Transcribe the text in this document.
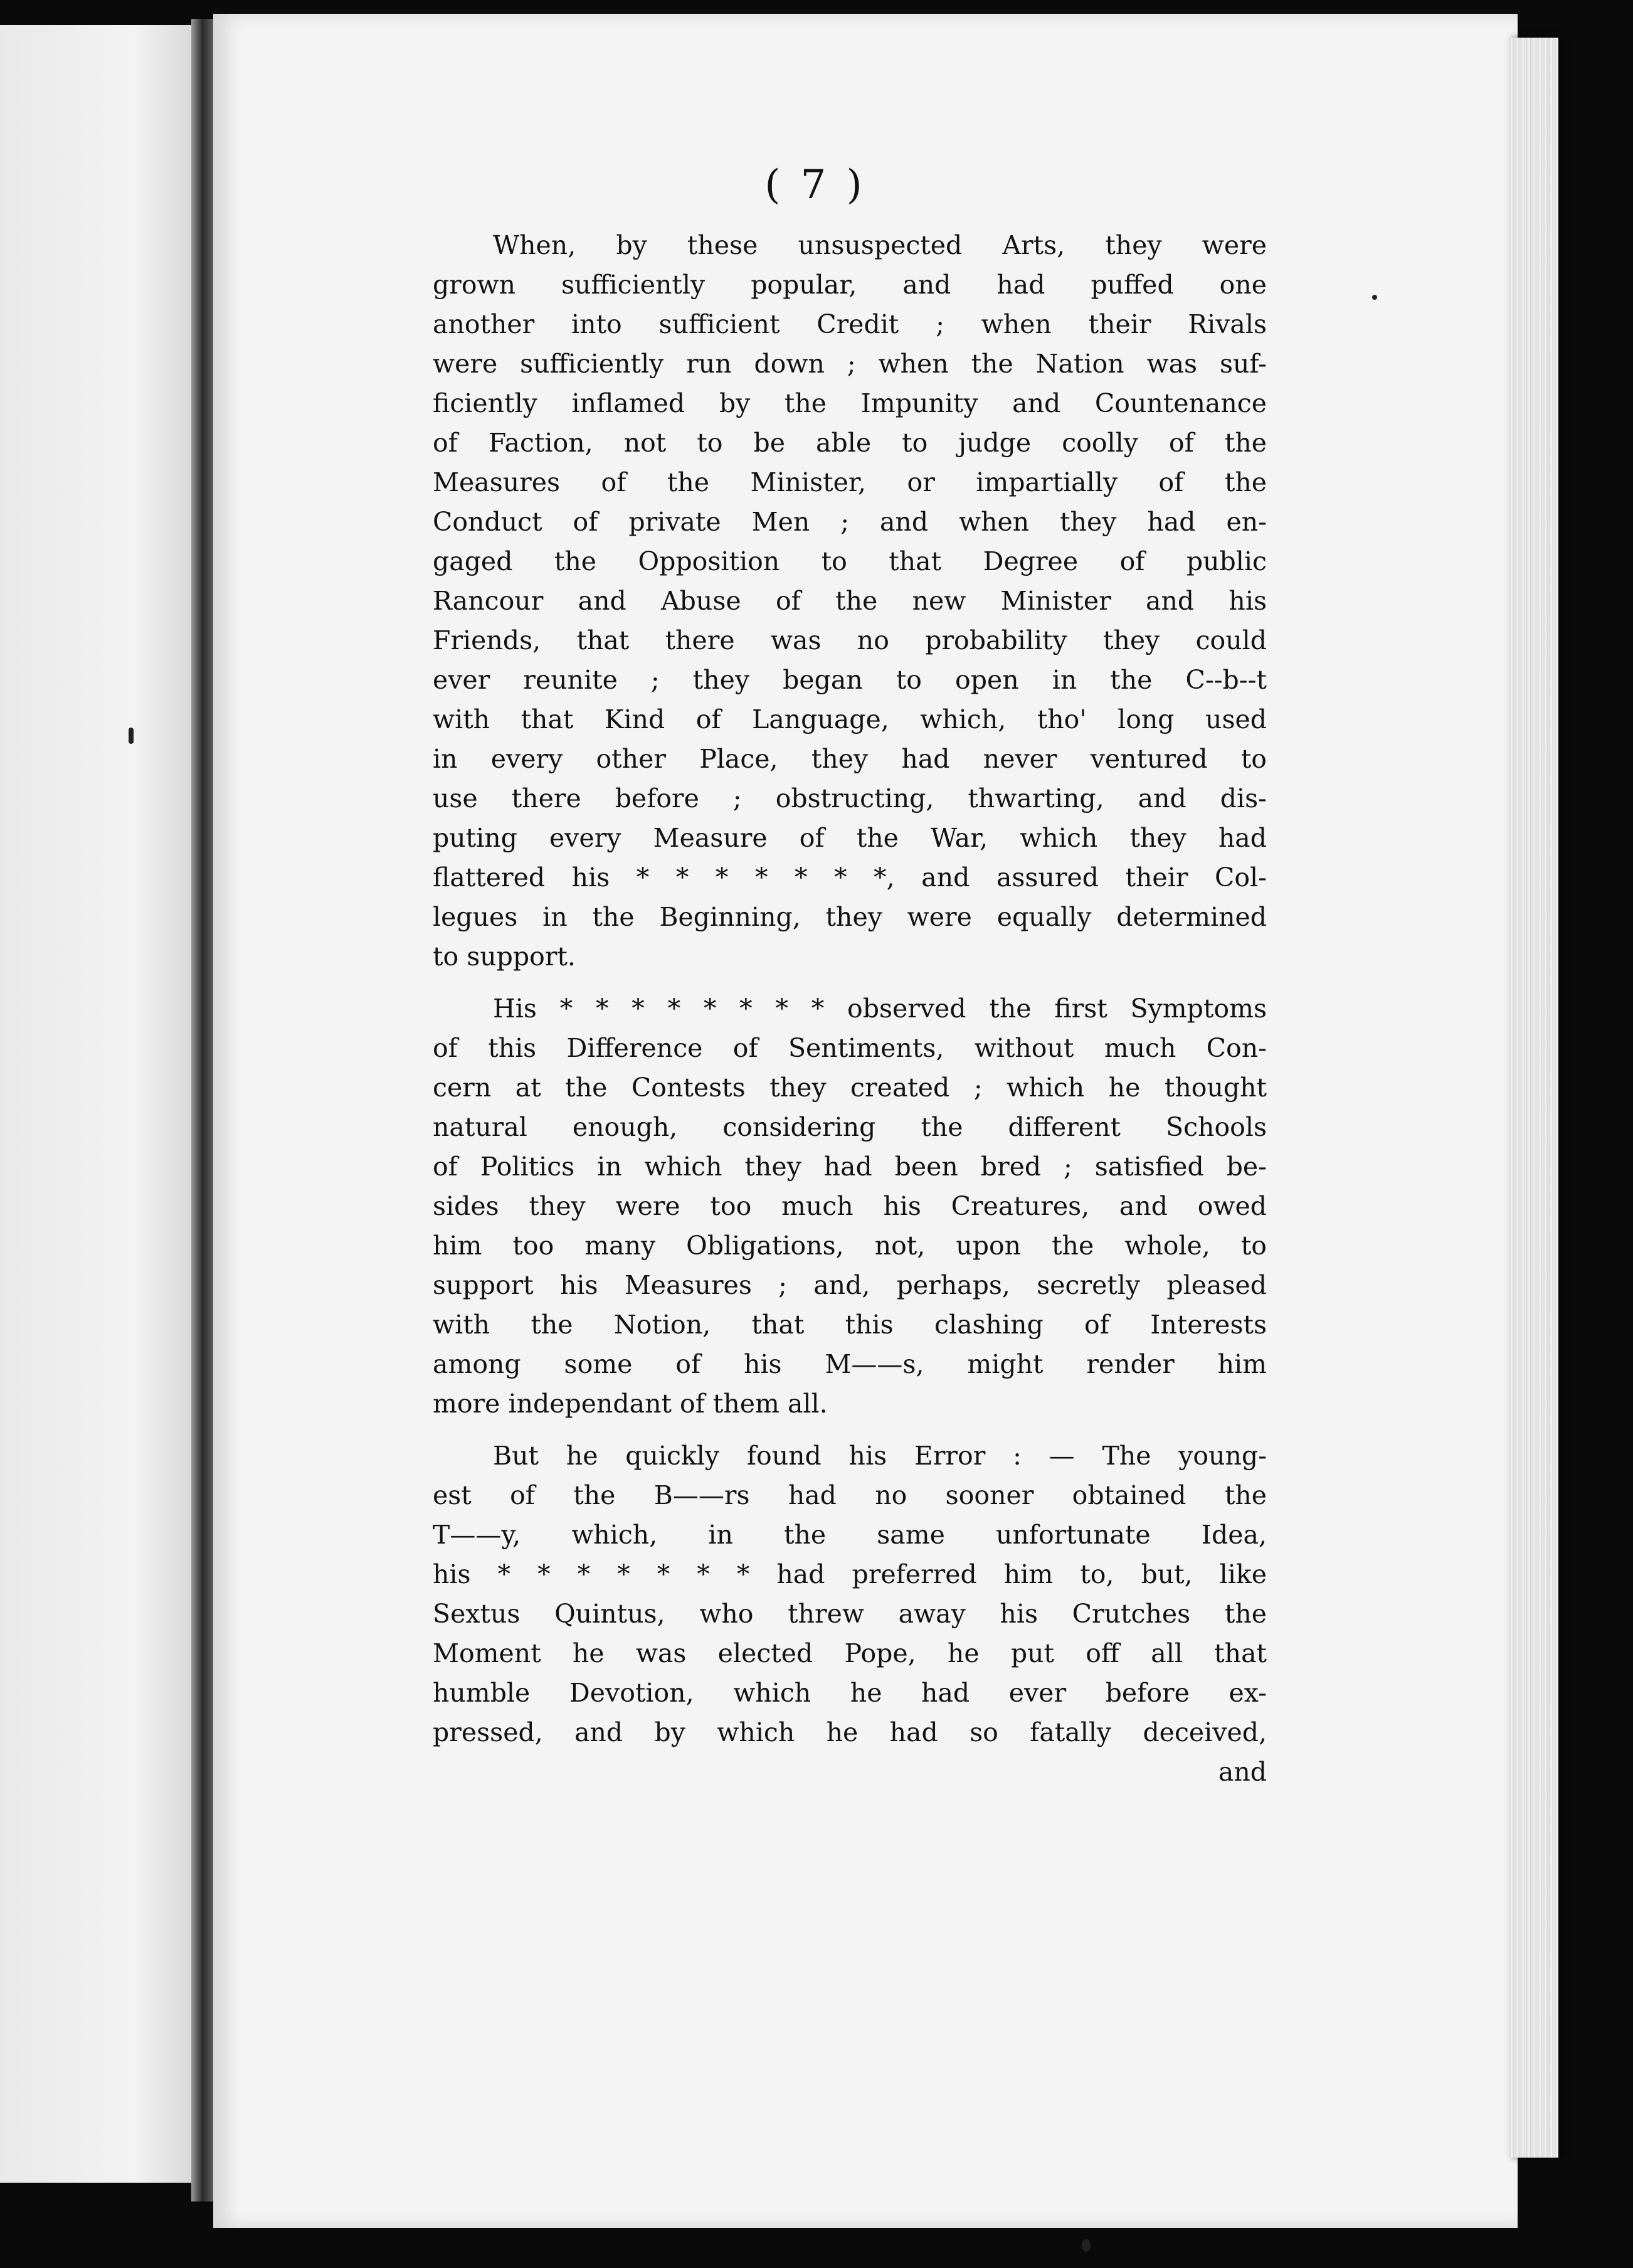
( 7 )
When, by these unsuspected Arts, they were
grown sufficiently popular, and had puffed one
another into sufficient Credit ; when their Rivals
were sufficiently run down ; when the Nation was suf-
ficiently inflamed by the Impunity and Countenance
of Faction, not to be able to judge coolly of the
Measures of the Minister, or impartially of the
Conduct of private Men ; and when they had en-
gaged the Opposition to that Degree of public
Rancour and Abuse of the new Minister and his
Friends, that there was no probability they could
ever reunite ; they began to open in the C--b--t
with that Kind of Language, which, tho' long used
in every other Place, they had never ventured to
use there before ; obstructing, thwarting, and dis-
puting every Measure of the War, which they had
flattered his * * * * * * *, and assured their Col-
legues in the Beginning, they were equally determined
to support.
His * * * * * * * * observed the first Symptoms
of this Difference of Sentiments, without much Con-
cern at the Contests they created ; which he thought
natural enough, considering the different Schools
of Politics in which they had been bred ; satisfied be-
sides they were too much his Creatures, and owed
him too many Obligations, not, upon the whole, to
support his Measures ; and, perhaps, secretly pleased
with the Notion, that this clashing of Interests
among some of his M——s, might render him
more independant of them all.
But he quickly found his Error : — The young-
est of the B——rs had no sooner obtained the
T——y, which, in the same unfortunate Idea,
his * * * * * * * had preferred him to, but, like
Sextus Quintus, who threw away his Crutches the
Moment he was elected Pope, he put off all that
humble Devotion, which he had ever before ex-
pressed, and by which he had so fatally deceived,
and
